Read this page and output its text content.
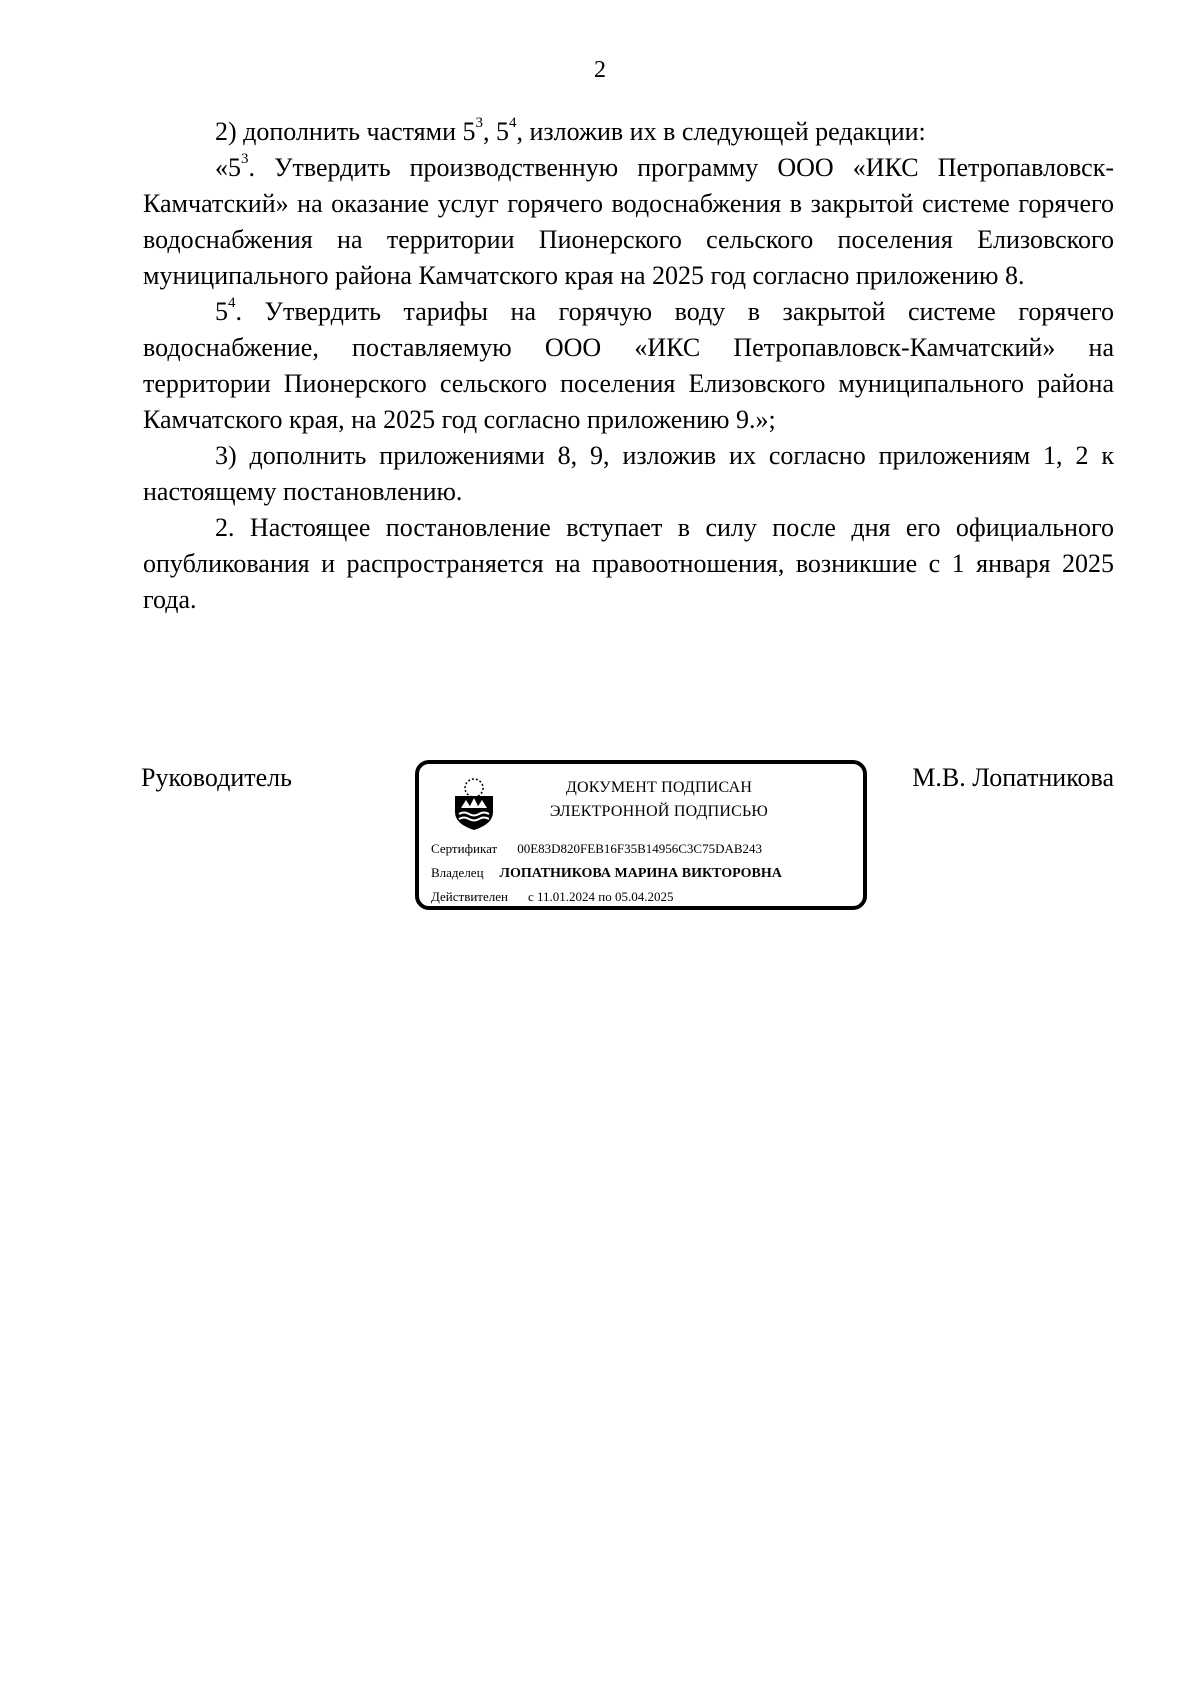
2

2) дополнить частями $5^3$, $5^4$, изложив их в следующей редакции:

«$5^3$. Утвердить производственную программу ООО «ИКС Петропавловск-Камчатский» на оказание услуг горячего водоснабжения в закрытой системе горячего водоснабжения на территории Пионерского сельского поселения Елизовского муниципального района Камчатского края на 2025 год согласно приложению 8.

$5^4$. Утвердить тарифы на горячую воду в закрытой системе горячего водоснабжение, поставляемую ООО «ИКС Петропавловск-Камчатский» на территории Пионерского сельского поселения Елизовского муниципального района Камчатского края, на 2025 год согласно приложению 9.»;

3) дополнить приложениями 8, 9, изложив их согласно приложениям 1, 2 к настоящему постановлению.

2. Настоящее постановление вступает в силу после дня его официального опубликования и распространяется на правоотношения, возникшие с 1 января 2025 года.

Руководитель	ДОКУМЕНТ ПОДПИСАН
ЭЛЕКТРОННОЙ ПОДПИСЬЮ
Сертификат 00E83D820FEB16F35B14956C3C75DAB243
Владелец ЛОПАТНИКОВА МАРИНА ВИКТОРОВНА
Действителен с 11.01.2024 по 05.04.2025
М.В. Лопатникова
